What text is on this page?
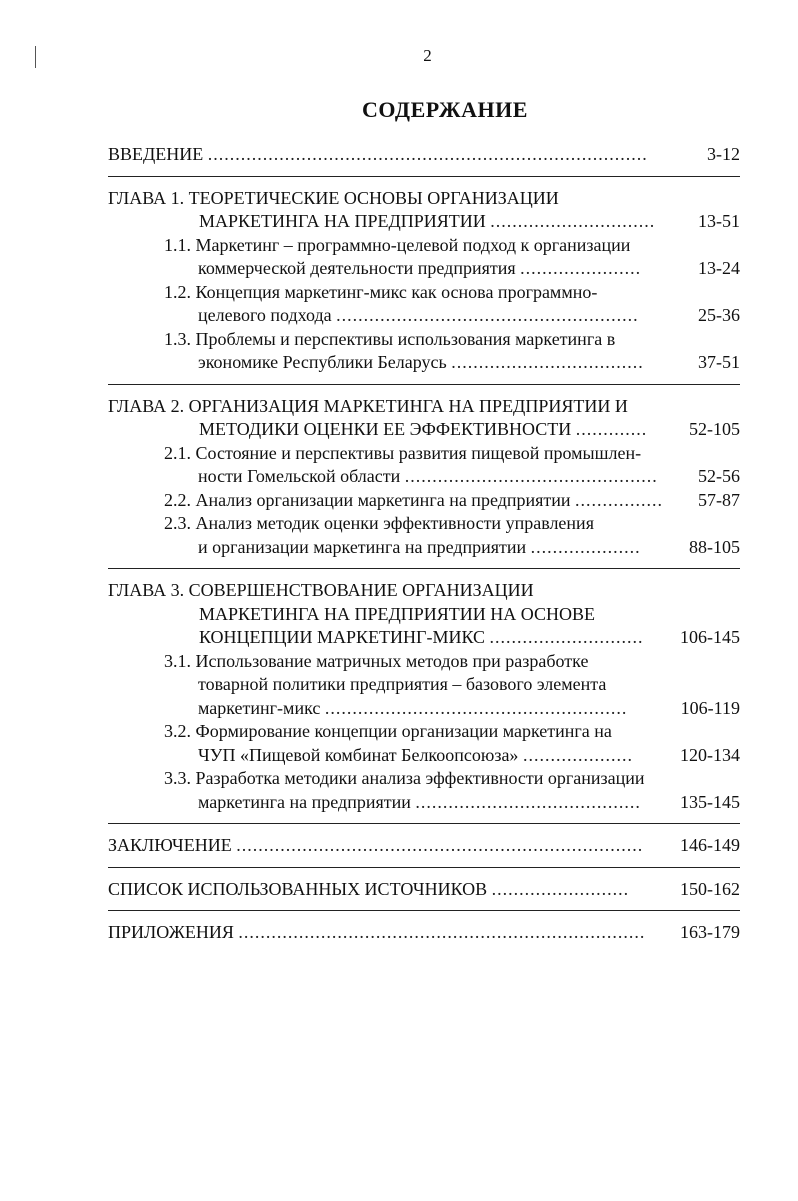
2
СОДЕРЖАНИЕ
ВВЕДЕНИЕ ................................................................................	3-12
ГЛАВА 1. ТЕОРЕТИЧЕСКИЕ ОСНОВЫ ОРГАНИЗАЦИИ
МАРКЕТИНГА НА ПРЕДПРИЯТИИ ..............................	13-51
1.1. Маркетинг – программно-целевой подход к организации
коммерческой деятельности предприятия ......................	13-24
1.2. Концепция маркетинг-микс как основа программно-
целевого подхода .......................................................	25-36
1.3. Проблемы и перспективы использования маркетинга в
экономике Республики Беларусь ...................................	37-51
ГЛАВА 2. ОРГАНИЗАЦИЯ МАРКЕТИНГА НА ПРЕДПРИЯТИИ И
МЕТОДИКИ ОЦЕНКИ ЕЕ ЭФФЕКТИВНОСТИ .............	52-105
2.1. Состояние и перспективы развития пищевой промышлен-
ности Гомельской области ..............................................	52-56
2.2. Анализ организации маркетинга на предприятии ................	57-87
2.3. Анализ методик оценки эффективности управления
и организации маркетинга на предприятии ....................	88-105
ГЛАВА 3. СОВЕРШЕНСТВОВАНИЕ ОРГАНИЗАЦИИ
МАРКЕТИНГА НА ПРЕДПРИЯТИИ НА ОСНОВЕ
КОНЦЕПЦИИ МАРКЕТИНГ-МИКС ............................	106-145
3.1. Использование матричных методов при разработке
товарной политики предприятия – базового элемента
маркетинг-микс .......................................................	106-119
3.2. Формирование концепции организации маркетинга на
ЧУП «Пищевой комбинат Белкоопсоюза» ....................	120-134
3.3. Разработка методики анализа эффективности организации
маркетинга на предприятии .........................................	135-145
ЗАКЛЮЧЕНИЕ ..........................................................................	146-149
СПИСОК ИСПОЛЬЗОВАННЫХ ИСТОЧНИКОВ .........................	150-162
ПРИЛОЖЕНИЯ ..........................................................................	163-179
